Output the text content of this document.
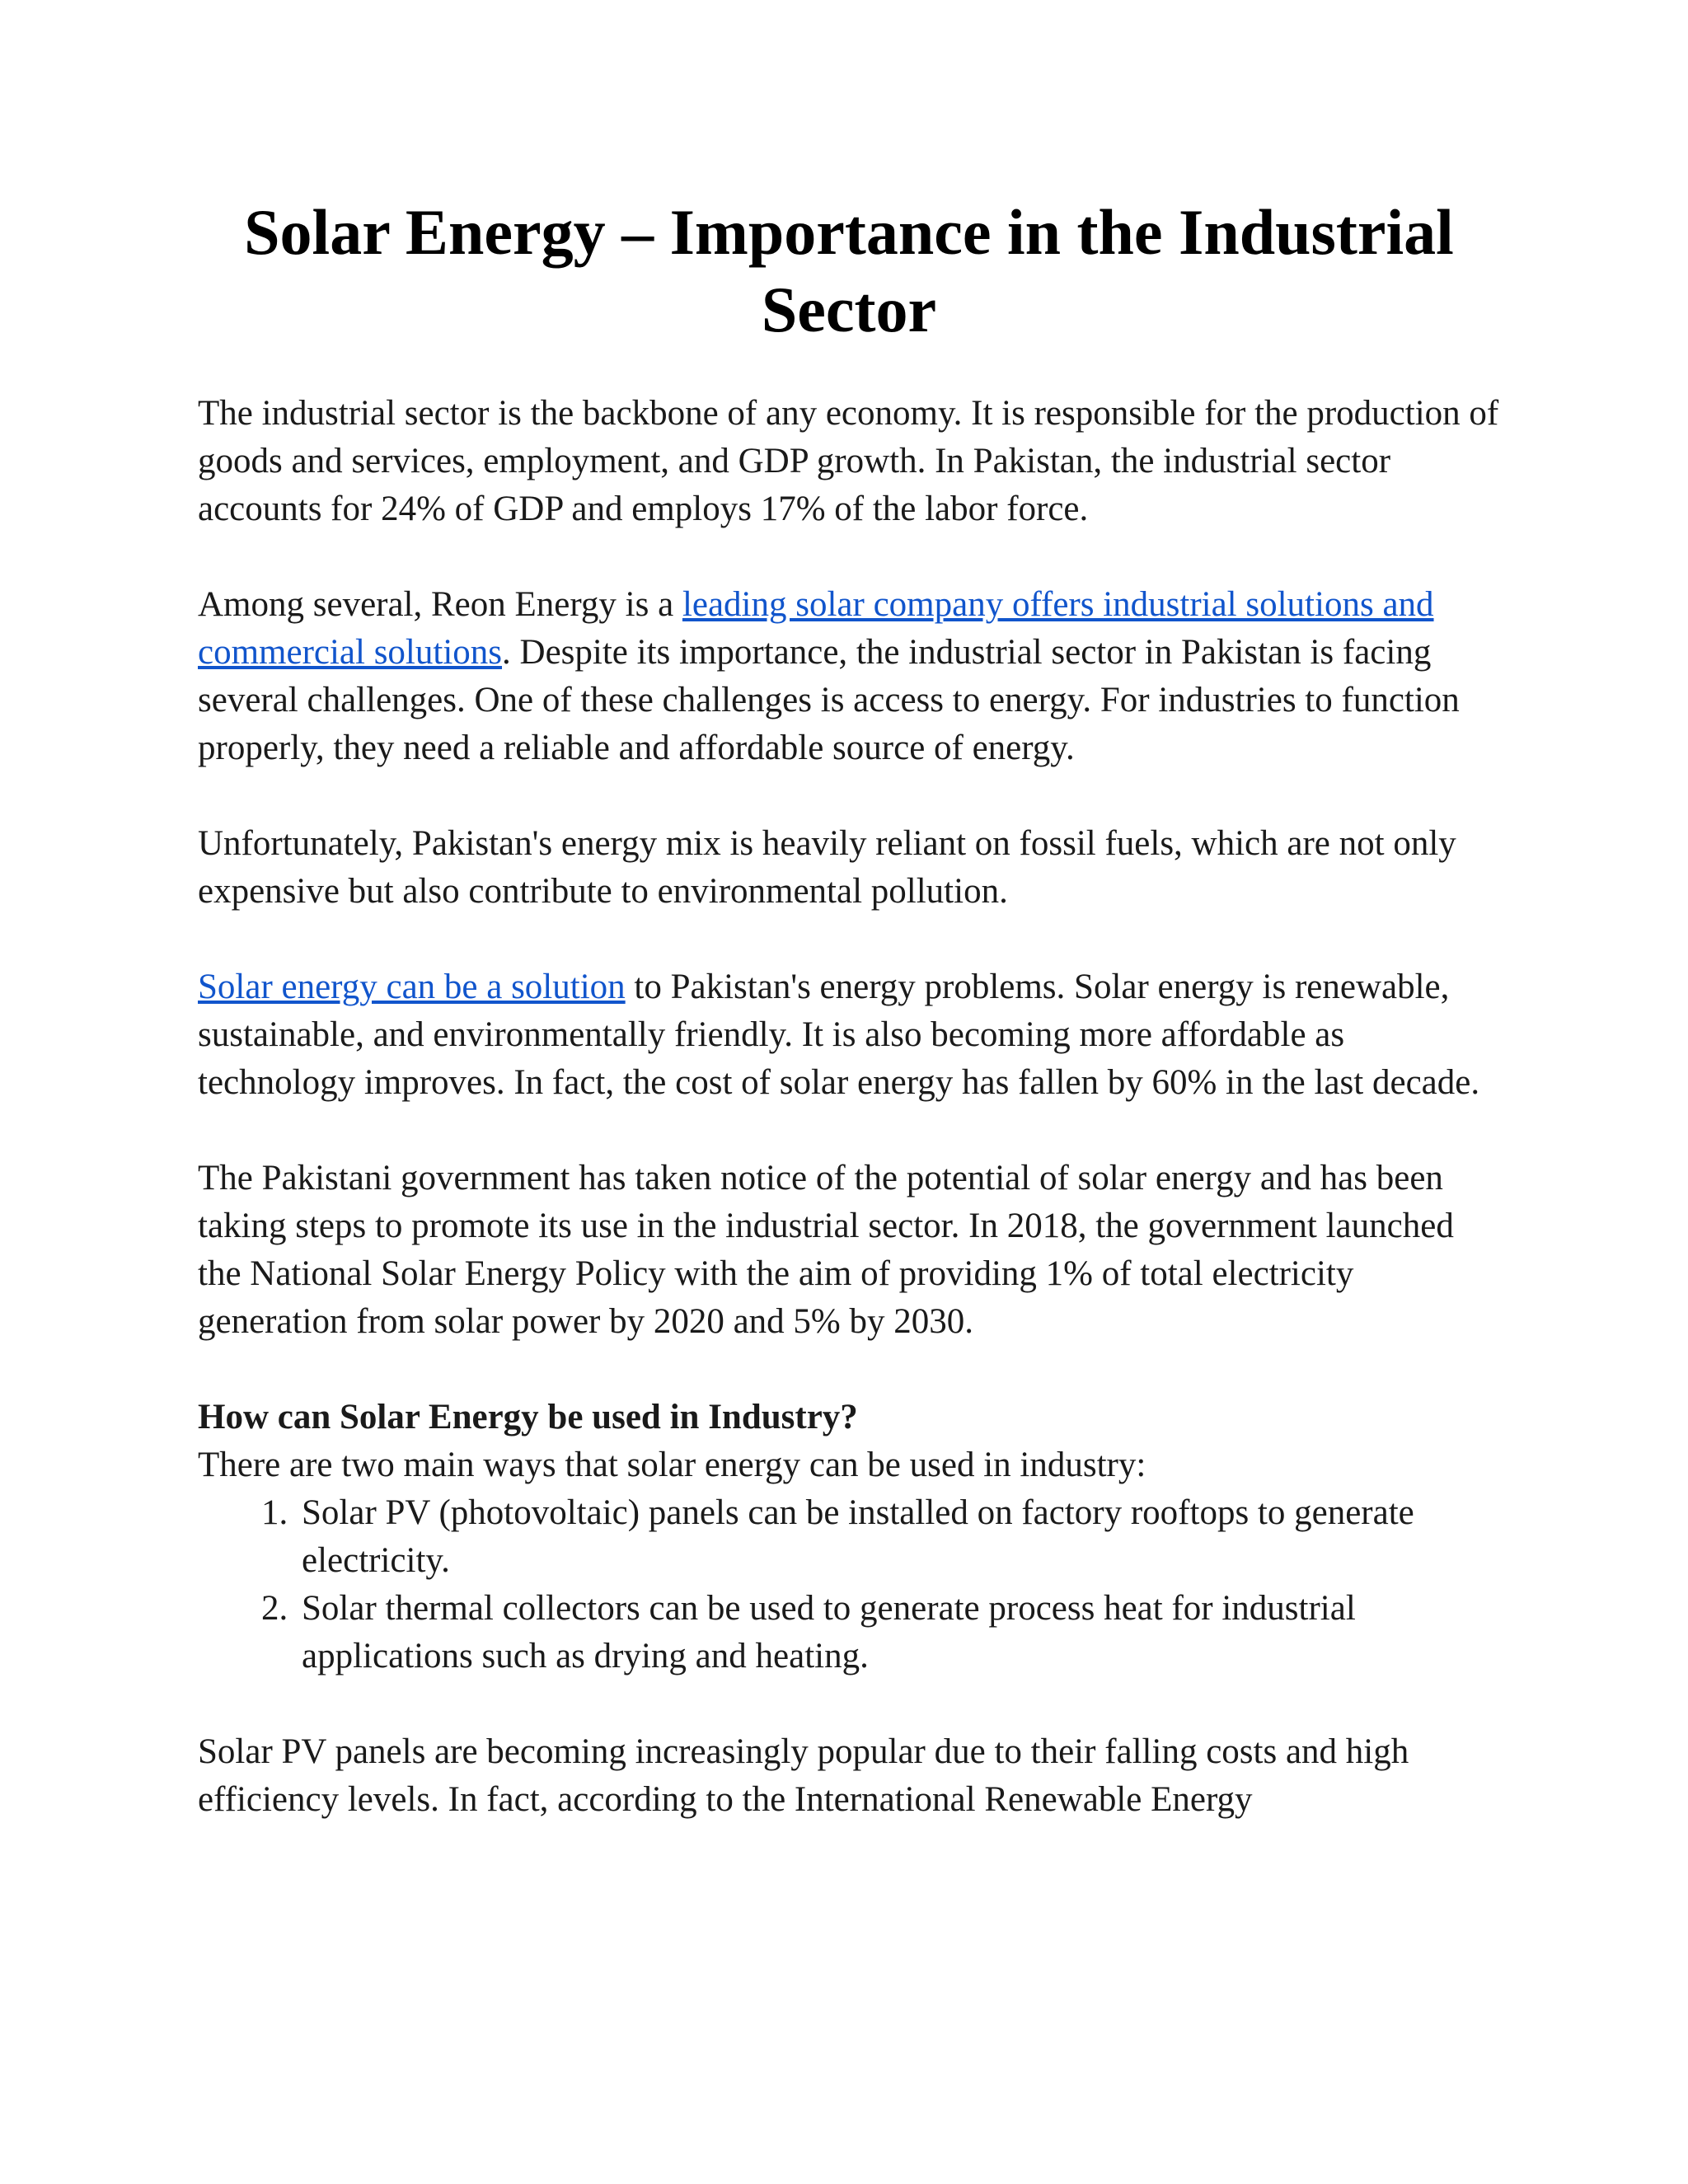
Solar Energy – Importance in the Industrial Sector

The industrial sector is the backbone of any economy. It is responsible for the production of goods and services, employment, and GDP growth. In Pakistan, the industrial sector accounts for 24% of GDP and employs 17% of the labor force.

Among several, Reon Energy is a leading solar company offers industrial solutions and commercial solutions. Despite its importance, the industrial sector in Pakistan is facing several challenges. One of these challenges is access to energy. For industries to function properly, they need a reliable and affordable source of energy.

Unfortunately, Pakistan's energy mix is heavily reliant on fossil fuels, which are not only expensive but also contribute to environmental pollution.

Solar energy can be a solution to Pakistan's energy problems. Solar energy is renewable, sustainable, and environmentally friendly. It is also becoming more affordable as technology improves. In fact, the cost of solar energy has fallen by 60% in the last decade.

The Pakistani government has taken notice of the potential of solar energy and has been taking steps to promote its use in the industrial sector. In 2018, the government launched the National Solar Energy Policy with the aim of providing 1% of total electricity generation from solar power by 2020 and 5% by 2030.

How can Solar Energy be used in Industry?
There are two main ways that solar energy can be used in industry:
1. Solar PV (photovoltaic) panels can be installed on factory rooftops to generate electricity.
2. Solar thermal collectors can be used to generate process heat for industrial applications such as drying and heating.

Solar PV panels are becoming increasingly popular due to their falling costs and high efficiency levels. In fact, according to the International Renewable Energy
